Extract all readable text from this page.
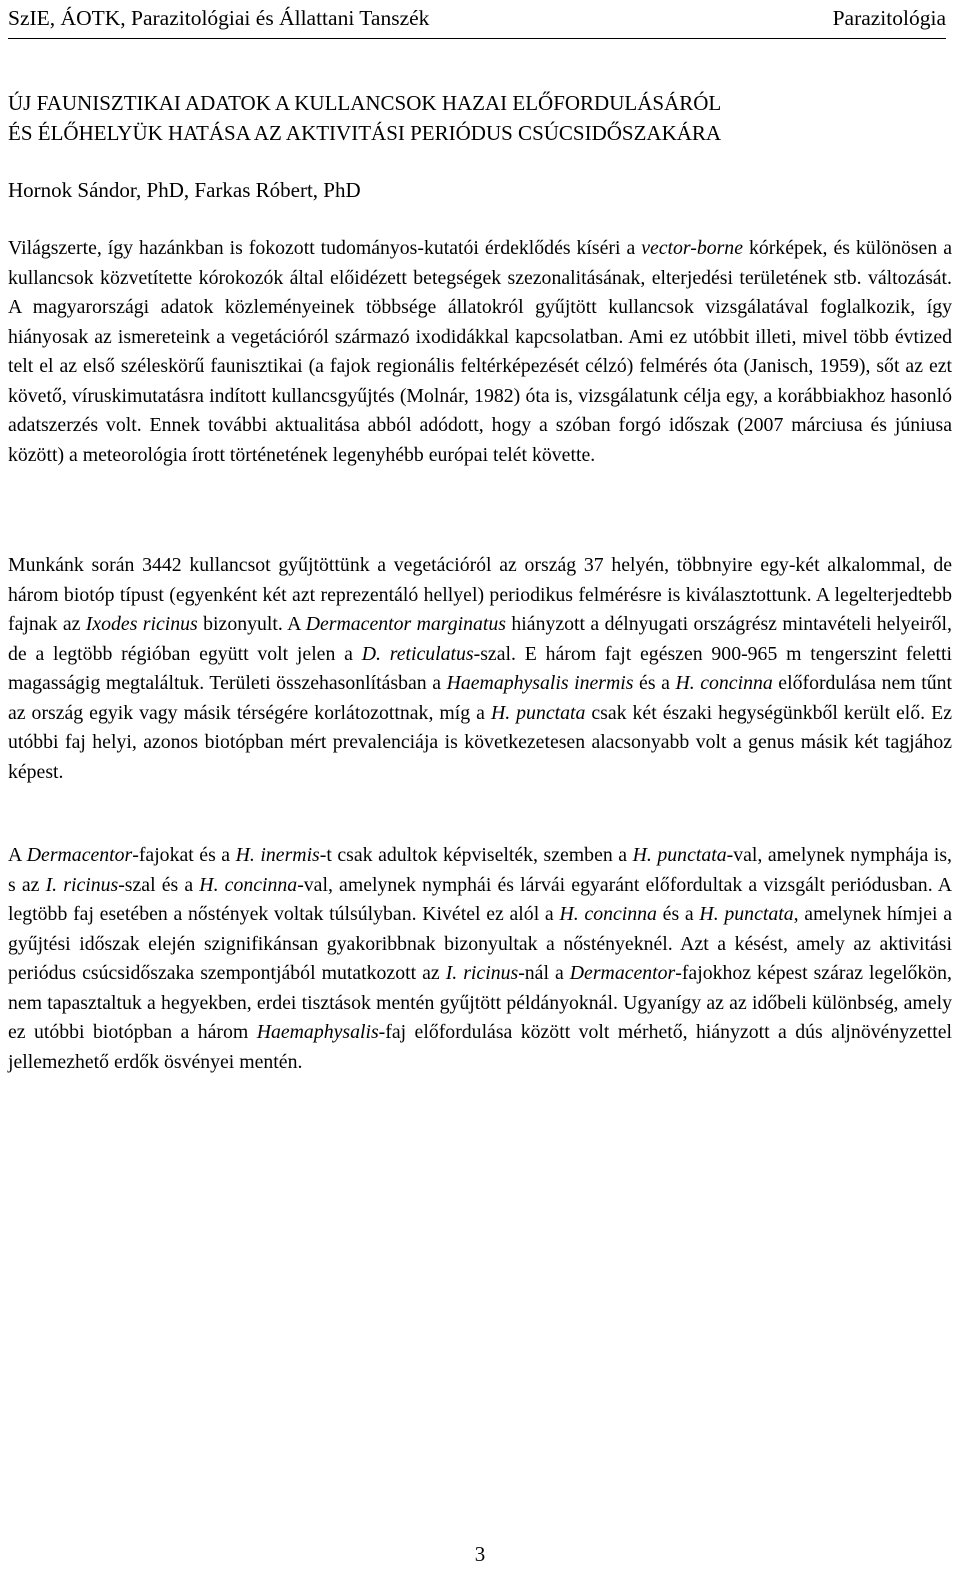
SzIE, ÁOTK, Parazitológiai és Állattani Tanszék	Parazitológia
ÚJ FAUNISZTIKAI ADATOK A KULLANCSOK HAZAI ELŐFORDULÁSÁRÓL
ÉS ÉLŐHELYÜK HATÁSA AZ AKTIVITÁSI PERIÓDUS CSÚCSIDŐSZAKÁRA
Hornok Sándor, PhD, Farkas Róbert, PhD

Világszerte, így hazánkban is fokozott tudományos-kutatói érdeklődés kíséri a vector-borne kórképek, és különösen a kullancsok közvetítette kórokozók által előidézett betegségek szezonalitásának, elterjedési területének stb. változását. A magyarországi adatok közleményeinek többsége állatokról gyűjtött kullancsok vizsgálatával foglalkozik, így hiányosak az ismereteink a vegetációról származó ixodidákkal kapcsolatban. Ami ez utóbbit illeti, mivel több évtized telt el az első széleskörű faunisztikai (a fajok regionális feltérképezését célzó) felmérés óta (Janisch, 1959), sőt az ezt követő, víruskimutatásra indított kullancsgyűjtés (Molnár, 1982) óta is, vizsgálatunk célja egy, a korábbiakhoz hasonló adatszerzés volt. Ennek további aktualitása abból adódott, hogy a szóban forgó időszak (2007 márciusa és júniusa között) a meteorológia írott történetének legenyhébb európai telét követte.

Munkánk során 3442 kullancsot gyűjtöttünk a vegetációról az ország 37 helyén, többnyire egy-két alkalommal, de három biotóp típust (egyenként két azt reprezentáló hellyel) periodikus felmérésre is kiválasztottunk. A legelterjedtebb fajnak az Ixodes ricinus bizonyult. A Dermacentor marginatus hiányzott a délnyugati országrész mintavételi helyeiről, de a legtöbb régióban együtt volt jelen a D. reticulatus-szal. E három fajt egészen 900-965 m tengerszint feletti magasságig megtaláltuk. Területi összehasonlításban a Haemaphysalis inermis és a H. concinna előfordulása nem tűnt az ország egyik vagy másik térségére korlátozottnak, míg a H. punctata csak két északi hegységünkből került elő. Ez utóbbi faj helyi, azonos biotópban mért prevalenciája is következetesen alacsonyabb volt a genus másik két tagjához képest.

A Dermacentor-fajokat és a H. inermis-t csak adultok képviselték, szemben a H. punctata-val, amelynek nymphája is, s az I. ricinus-szal és a H. concinna-val, amelynek nymphái és lárvái egyaránt előfordultak a vizsgált periódusban. A legtöbb faj esetében a nőstények voltak túlsúlyban. Kivétel ez alól a H. concinna és a H. punctata, amelynek hímjei a gyűjtési időszak elején szignifikánsan gyakoribbnak bizonyultak a nőstényeknél. Azt a késést, amely az aktivitási periódus csúcsidőszaka szempontjából mutatkozott az I. ricinus-nál a Dermacentor-fajokhoz képest száraz legelőkön, nem tapasztaltuk a hegyekben, erdei tisztások mentén gyűjtött példányoknál. Ugyanígy az az időbeli különbség, amely ez utóbbi biotópban a három Haemaphysalis-faj előfordulása között volt mérhető, hiányzott a dús aljnövényzettel jellemezhető erdők ösvényei mentén.

3
